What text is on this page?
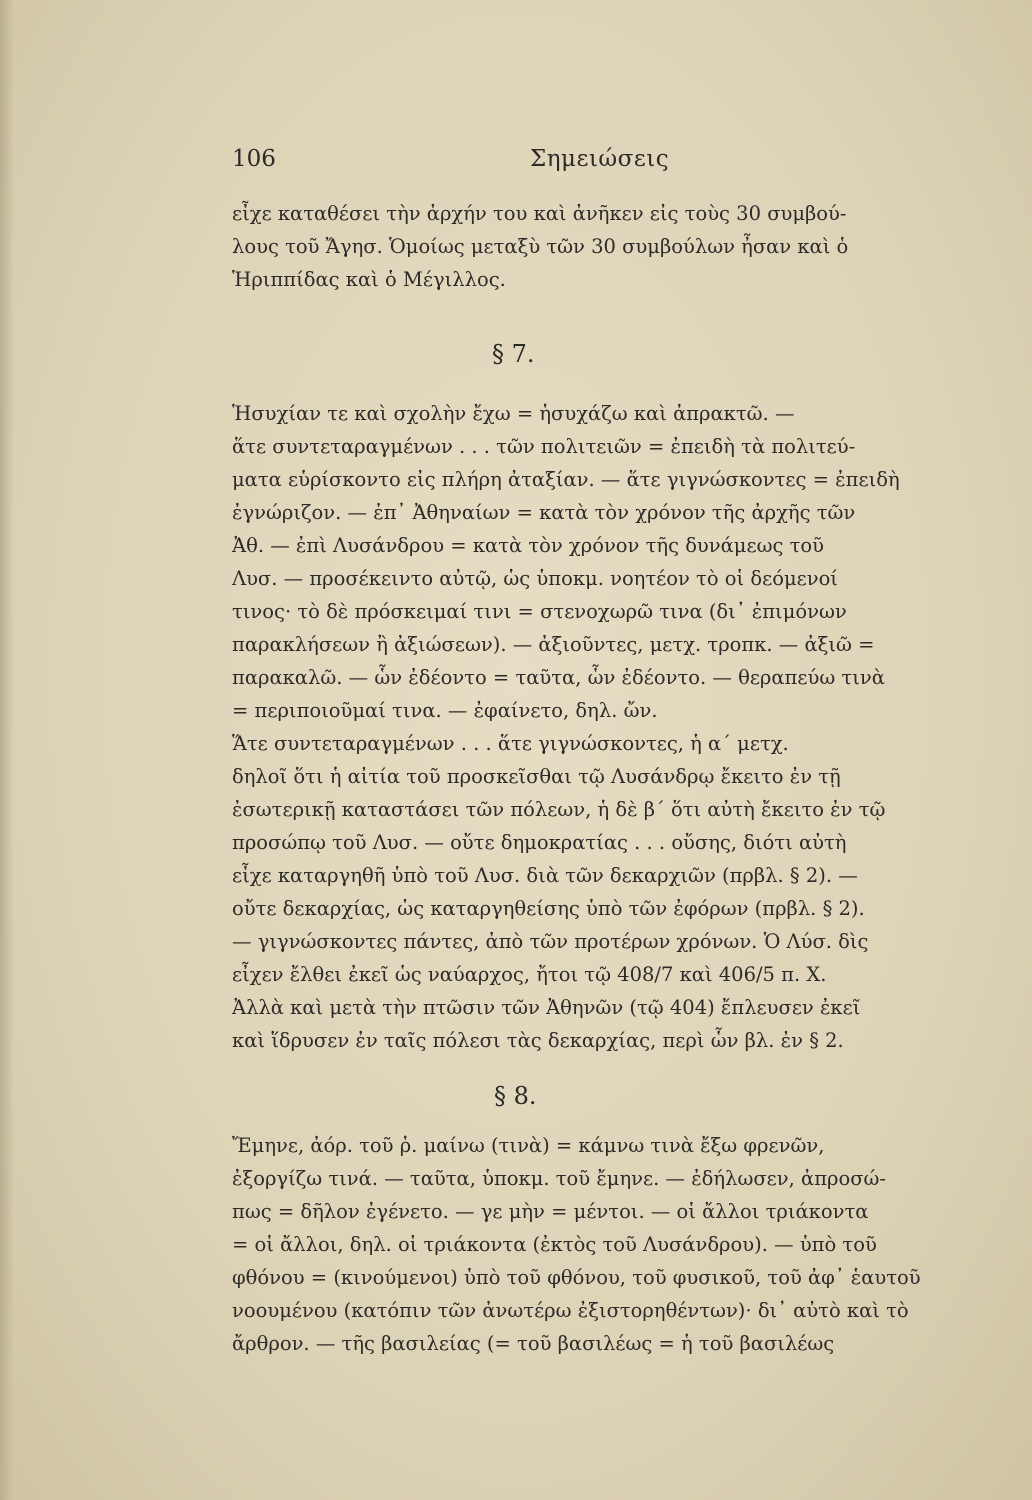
106	Σημειώσεις
εἶχε καταθέσει τὴν ἀρχήν του καὶ ἀνῆκεν εἰς τοὺς 30 συμβού-
λους τοῦ Ἄγησ. Ὁμοίως μεταξὺ τῶν 30 συμβούλων ἦσαν καὶ ὁ
Ἡριππίδας καὶ ὁ Μέγιλλος.
§ 7.
Ἡσυχίαν τε καὶ σχολὴν ἔχω = ἡσυχάζω καὶ ἀπρακτῶ. —
ἅτε συντεταραγμένων . . . τῶν πολιτειῶν = ἐπειδὴ τὰ πολιτεύ-
ματα εὑρίσκοντο εἰς πλήρη ἀταξίαν. — ἅτε γιγνώσκοντες = ἐπειδὴ
ἐγνώριζον. — ἐπ᾿ Ἀθηναίων = κατὰ τὸν χρόνον τῆς ἀρχῆς τῶν
Ἀθ. — ἐπὶ Λυσάνδρου = κατὰ τὸν χρόνον τῆς δυνάμεως τοῦ
Λυσ. — προσέκειντο αὐτῷ, ὡς ὑποκμ. νοητέον τὸ οἱ δεόμενοί
τινος· τὸ δὲ πρόσκειμαί τινι = στενοχωρῶ τινα (δι᾿ ἐπιμόνων
παρακλήσεων ἢ ἀξιώσεων). — ἀξιοῦντες, μετχ. τροπκ. — ἀξιῶ =
παρακαλῶ. — ὧν ἐδέοντο = ταῦτα, ὧν ἐδέοντο. — θεραπεύω τινὰ
= περιποιοῦμαί τινα. — ἐφαίνετο, δηλ. ὤν.
Ἅτε συντεταραγμένων . . . ἅτε γιγνώσκοντες, ἡ α΄ μετχ.
δηλοῖ ὅτι ἡ αἰτία τοῦ προσκεῖσθαι τῷ Λυσάνδρῳ ἔκειτο ἐν τῇ
ἐσωτερικῇ καταστάσει τῶν πόλεων, ἡ δὲ β΄ ὅτι αὐτὴ ἔκειτο ἐν τῷ
προσώπῳ τοῦ Λυσ. — οὔτε δημοκρατίας . . . οὔσης, διότι αὐτὴ
εἶχε καταργηθῆ ὑπὸ τοῦ Λυσ. διὰ τῶν δεκαρχιῶν (πρβλ. § 2). —
οὔτε δεκαρχίας, ὡς καταργηθείσης ὑπὸ τῶν ἐφόρων (πρβλ. § 2).
— γιγνώσκοντες πάντες, ἀπὸ τῶν προτέρων χρόνων. Ὁ Λύσ. δὶς
εἶχεν ἔλθει ἐκεῖ ὡς ναύαρχος, ἤτοι τῷ 408/7 καὶ 406/5 π. Χ.
Ἀλλὰ καὶ μετὰ τὴν πτῶσιν τῶν Ἀθηνῶν (τῷ 404) ἔπλευσεν ἐκεῖ
καὶ ἵδρυσεν ἐν ταῖς πόλεσι τὰς δεκαρχίας, περὶ ὧν βλ. ἐν § 2.
§ 8.
Ἔμηνε, ἀόρ. τοῦ ῥ. μαίνω (τινὰ) = κάμνω τινὰ ἔξω φρενῶν,
ἐξοργίζω τινά. — ταῦτα, ὑποκμ. τοῦ ἔμηνε. — ἐδήλωσεν, ἀπροσώ-
πως = δῆλον ἐγένετο. — γε μὴν = μέντοι. — οἱ ἄλλοι τριάκοντα
= οἱ ἄλλοι, δηλ. οἱ τριάκοντα (ἐκτὸς τοῦ Λυσάνδρου). — ὑπὸ τοῦ
φθόνου = (κινούμενοι) ὑπὸ τοῦ φθόνου, τοῦ φυσικοῦ, τοῦ ἀφ᾿ ἑαυτοῦ
νοουμένου (κατόπιν τῶν ἀνωτέρω ἐξιστορηθέντων)· δι᾿ αὐτὸ καὶ τὸ
ἄρθρον. — τῆς βασιλείας (= τοῦ βασιλέως = ἡ τοῦ βασιλέως
